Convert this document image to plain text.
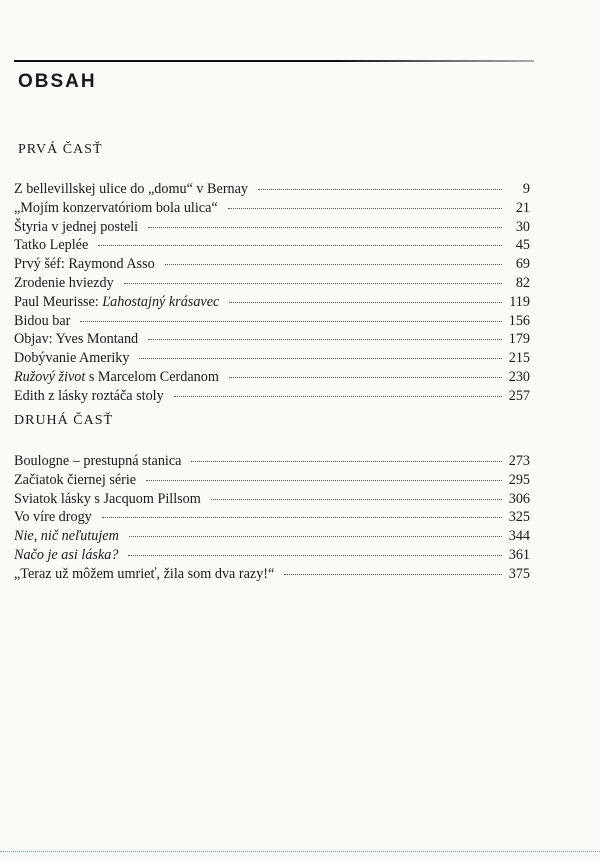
OBSAH
PRVÁ ČASŤ
Z bellevillskej ulice do „domu“ v Bernay	9
„Mojím konzervatóriom bola ulica“	21
Štyria v jednej posteli	30
Tatko Leplée	45
Prvý šéf: Raymond Asso	69
Zrodenie hviezdy	82
Paul Meurisse: Ľahostajný krásavec	119
Bidou bar	156
Objav: Yves Montand	179
Dobývanie Ameriky	215
Ružový život s Marcelom Cerdanom	230
Edith z lásky roztáča stoly	257
DRUHÁ ČASŤ
Boulogne – prestupná stanica	273
Začiatok čiernej série	295
Sviatok lásky s Jacquom Pillsom	306
Vo víre drogy	325
Nie, nič neľutujem	344
Načo je asi láska?	361
„Teraz už môžem umrieť, žila som dva razy!“	375
